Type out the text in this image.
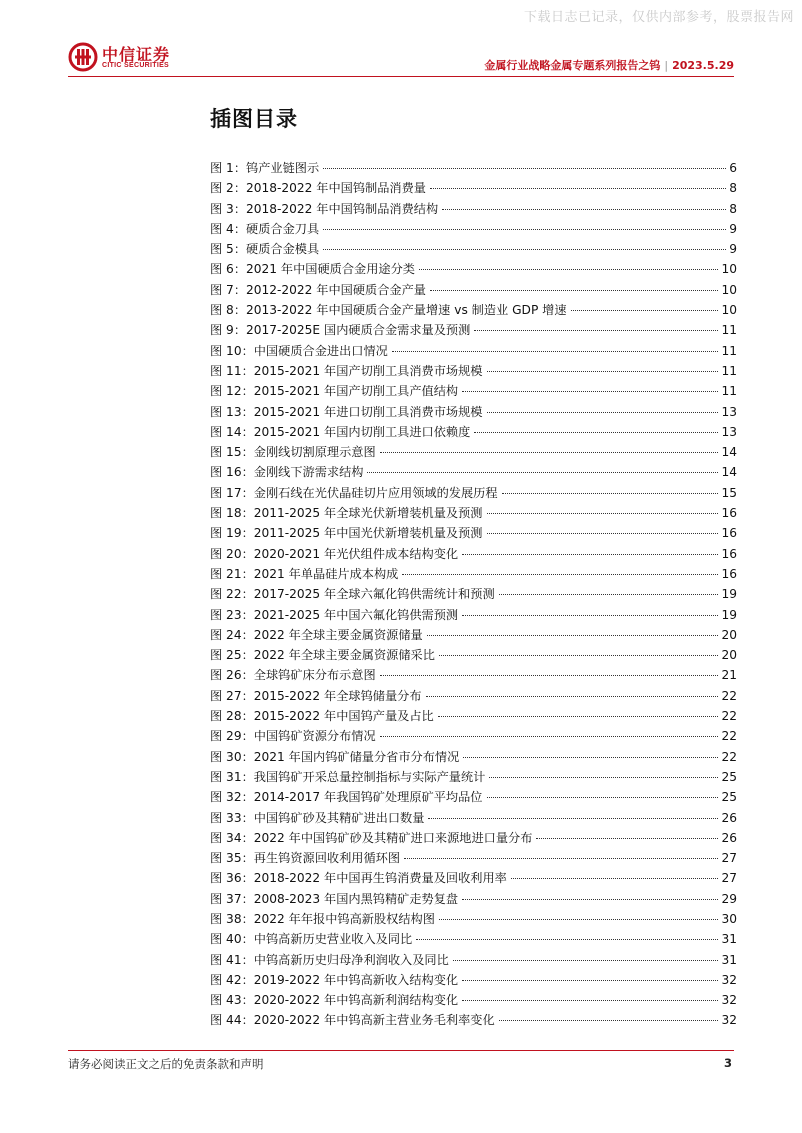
下载日志已记录，仅供内部参考，股票报告网
中信证券
CITIC SECURITIES	金属行业战略金属专题系列报告之钨 | 2023.5.29
插图目录
图 1：钨产业链图示	6
图 2：2018-2022 年中国钨制品消费量	8
图 3：2018-2022 年中国钨制品消费结构	8
图 4：硬质合金刀具	9
图 5：硬质合金模具	9
图 6：2021 年中国硬质合金用途分类	10
图 7：2012-2022 年中国硬质合金产量	10
图 8：2013-2022 年中国硬质合金产量增速 vs 制造业 GDP 增速	10
图 9：2017-2025E 国内硬质合金需求量及预测	11
图 10：中国硬质合金进出口情况	11
图 11：2015-2021 年国产切削工具消费市场规模	11
图 12：2015-2021 年国产切削工具产值结构	11
图 13：2015-2021 年进口切削工具消费市场规模	13
图 14：2015-2021 年国内切削工具进口依赖度	13
图 15：金刚线切割原理示意图	14
图 16：金刚线下游需求结构	14
图 17：金刚石线在光伏晶硅切片应用领域的发展历程	15
图 18：2011-2025 年全球光伏新增装机量及预测	16
图 19：2011-2025 年中国光伏新增装机量及预测	16
图 20：2020-2021 年光伏组件成本结构变化	16
图 21：2021 年单晶硅片成本构成	16
图 22：2017-2025 年全球六氟化钨供需统计和预测	19
图 23：2021-2025 年中国六氟化钨供需预测	19
图 24：2022 年全球主要金属资源储量	20
图 25：2022 年全球主要金属资源储采比	20
图 26：全球钨矿床分布示意图	21
图 27：2015-2022 年全球钨储量分布	22
图 28：2015-2022 年中国钨产量及占比	22
图 29：中国钨矿资源分布情况	22
图 30：2021 年国内钨矿储量分省市分布情况	22
图 31：我国钨矿开采总量控制指标与实际产量统计	25
图 32：2014-2017 年我国钨矿处理原矿平均品位	25
图 33：中国钨矿砂及其精矿进出口数量	26
图 34：2022 年中国钨矿砂及其精矿进口来源地进口量分布	26
图 35：再生钨资源回收利用循环图	27
图 36：2018-2022 年中国再生钨消费量及回收利用率	27
图 37：2008-2023 年国内黑钨精矿走势复盘	29
图 38：2022 年年报中钨高新股权结构图	30
图 40：中钨高新历史营业收入及同比	31
图 41：中钨高新历史归母净利润收入及同比	31
图 42：2019-2022 年中钨高新收入结构变化	32
图 43：2020-2022 年中钨高新利润结构变化	32
图 44：2020-2022 年中钨高新主营业务毛利率变化	32
请务必阅读正文之后的免责条款和声明	3
